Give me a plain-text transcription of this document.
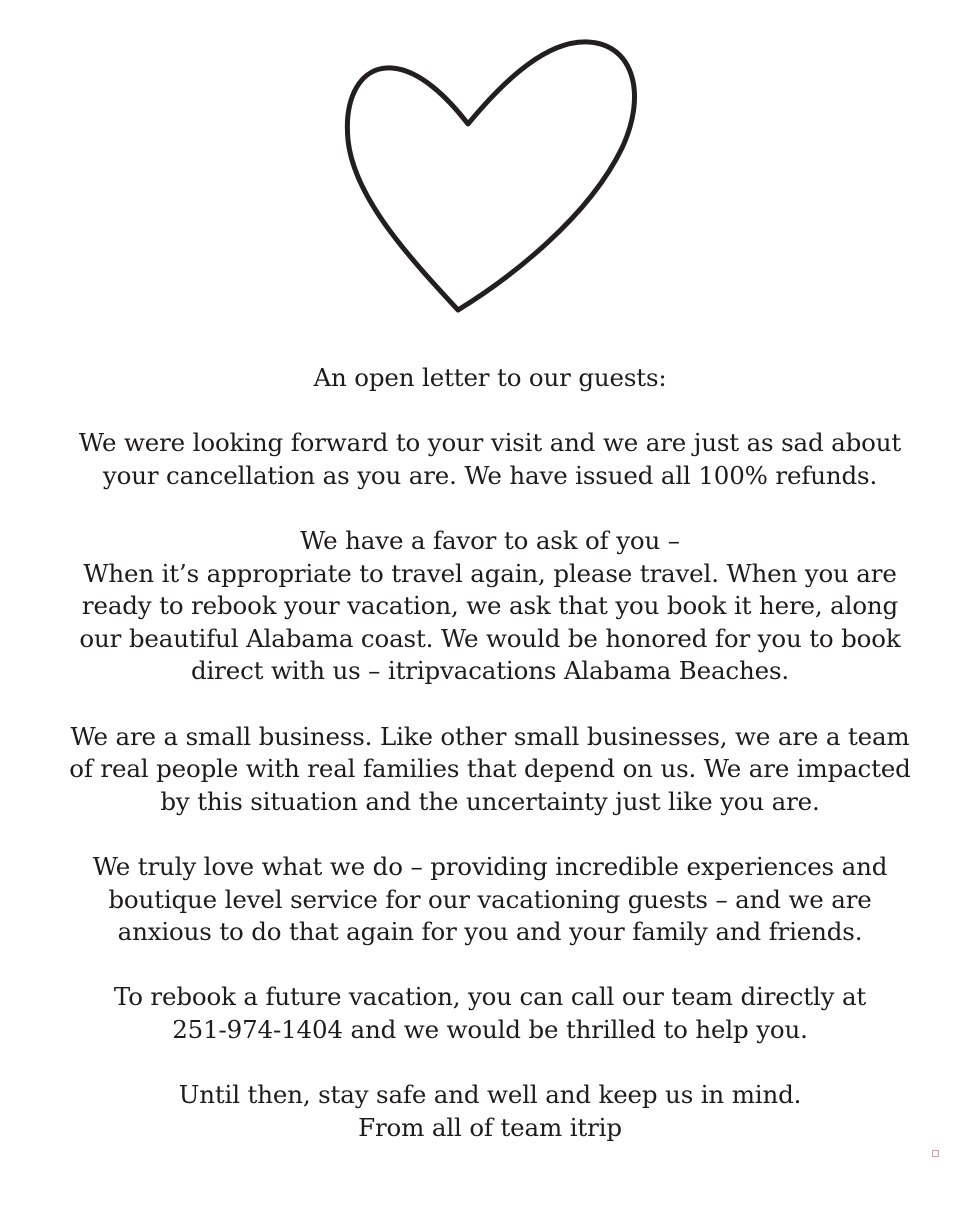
An open letter to our guests:

We were looking forward to your visit and we are just as sad about
your cancellation as you are. We have issued all 100% refunds.

We have a favor to ask of you –
When it’s appropriate to travel again, please travel. When you are
ready to rebook your vacation, we ask that you book it here, along
our beautiful Alabama coast. We would be honored for you to book
direct with us – itripvacations Alabama Beaches.

We are a small business. Like other small businesses, we are a team
of real people with real families that depend on us. We are impacted
by this situation and the uncertainty just like you are.

We truly love what we do – providing incredible experiences and
boutique level service for our vacationing guests – and we are
anxious to do that again for you and your family and friends.

To rebook a future vacation, you can call our team directly at
251-974-1404 and we would be thrilled to help you.

Until then, stay safe and well and keep us in mind.
From all of team itrip
